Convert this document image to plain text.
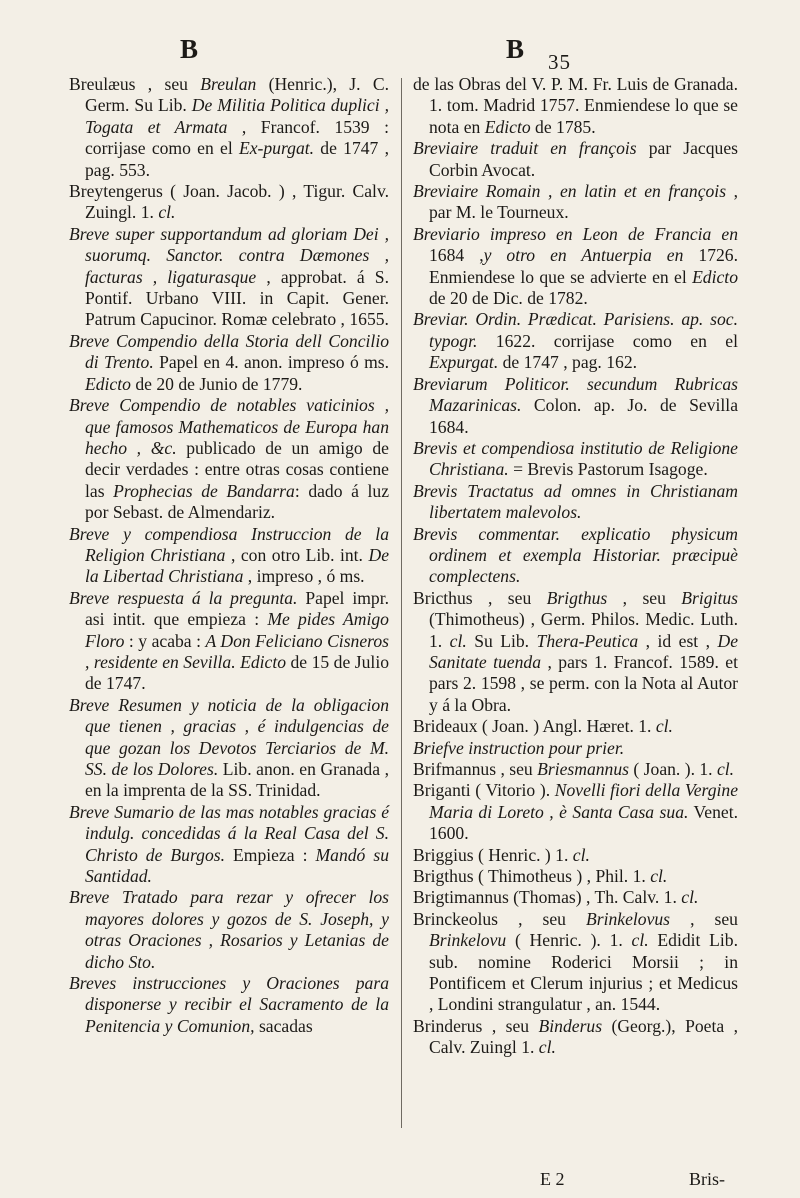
B	B 35

Breulæus , seu Breulan (Henric.), J. C. Germ. Su Lib. De Militia Politica duplici , Togata et Armata , Francof. 1539 : corrijase como en el Ex-purgat. de 1747 , pag. 553.

Breytengerus ( Joan. Jacob. ) , Tigur. Calv. Zuingl. 1. cl.

Breve super supportandum ad gloriam Dei , suorumq. Sanctor. contra Dæmones , facturas , ligaturasque , approbat. á S. Pontif. Urbano VIII. in Capit. Gener. Patrum Capucinor. Romæ celebrato , 1655.

Breve Compendio della Storia dell Concilio di Trento. Papel en 4. anon. impreso ó ms. Edicto de 20 de Junio de 1779.

Breve Compendio de notables vaticinios , que famosos Mathematicos de Europa han hecho , &c. publicado de un amigo de decir verdades : entre otras cosas contiene las Prophecias de Bandarra: dado á luz por Sebast. de Almendariz.

Breve y compendiosa Instruccion de la Religion Christiana , con otro Lib. int. De la Libertad Christiana , impreso , ó ms.

Breve respuesta á la pregunta. Papel impr. asi intit. que empieza : Me pides Amigo Floro : y acaba : A Don Feliciano Cisneros , residente en Sevilla. Edicto de 15 de Julio de 1747.

Breve Resumen y noticia de la obligacion que tienen , gracias , é indulgencias de que gozan los Devotos Terciarios de M. SS. de los Dolores. Lib. anon. en Granada , en la imprenta de la SS. Trinidad.

Breve Sumario de las mas notables gracias é indulg. concedidas á la Real Casa del S. Christo de Burgos. Empieza : Mandó su Santidad.

Breve Tratado para rezar y ofrecer los mayores dolores y gozos de S. Joseph, y otras Oraciones , Rosarios y Letanias de dicho Sto.

Breves instrucciones y Oraciones para disponerse y recibir el Sacramento de la Penitencia y Comunion, sacadas

de las Obras del V. P. M. Fr. Luis de Granada. 1. tom. Madrid 1757. Enmiendese lo que se nota en Edicto de 1785.

Breviaire traduit en françois par Jacques Corbin Avocat.

Breviaire Romain , en latin et en françois , par M. le Tourneux.

Breviario impreso en Leon de Francia en 1684 ,y otro en Antuerpia en 1726. Enmiendese lo que se advierte en el Edicto de 20 de Dic. de 1782.

Breviar. Ordin. Prædicat. Parisiens. ap. soc. typogr. 1622. corrijase como en el Expurgat. de 1747 , pag. 162.

Breviarum Politicor. secundum Rubricas Mazarinicas. Colon. ap. Jo. de Sevilla 1684.

Brevis et compendiosa institutio de Religione Christiana. = Brevis Pastorum Isagoge.

Brevis Tractatus ad omnes in Christianam libertatem malevolos.

Brevis commentar. explicatio physicum ordinem et exempla Historiar. præcipuè complectens.

Bricthus , seu Brigthus , seu Brigitus (Thimotheus) , Germ. Philos. Medic. Luth. 1. cl. Su Lib. Thera-Peutica , id est , De Sanitate tuenda , pars 1. Francof. 1589. et pars 2. 1598 , se perm. con la Nota al Autor y á la Obra.

Brideaux ( Joan. ) Angl. Hæret. 1. cl.

Briefve instruction pour prier.

Brifmannus , seu Briesmannus ( Joan. ). 1. cl.

Briganti ( Vitorio ). Novelli fiori della Vergine Maria di Loreto , è Santa Casa sua. Venet. 1600.

Briggius ( Henric. ) 1. cl.

Brigthus ( Thimotheus ) , Phil. 1. cl.

Brigtimannus (Thomas) , Th. Calv. 1. cl.

Brinckeolus , seu Brinkelovus , seu Brinkelovu ( Henric. ). 1. cl. Edidit Lib. sub. nomine Roderici Morsii ; in Pontificem et Clerum injurius ; et Medicus , Londini strangulatur , an. 1544.

Brinderus , seu Binderus (Georg.), Poeta , Calv. Zuingl 1. cl.

E 2	Bris-
